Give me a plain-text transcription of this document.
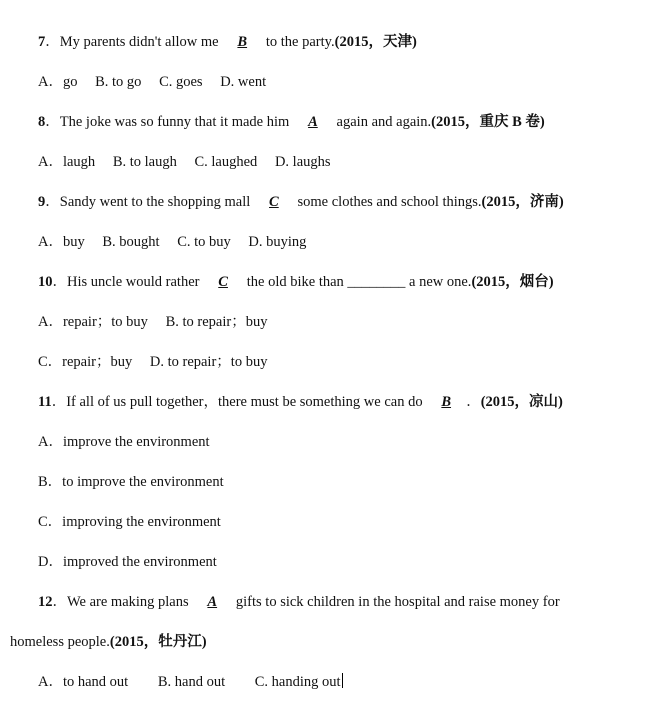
7．My parents didn't allow me B to the party.(2015，天津)
A．go B. to go C. goes D. went
8．The joke was so funny that it made him A again and again.(2015，重庆 B 卷)
A．laugh B. to laugh C. laughed D. laughs
9．Sandy went to the shopping mall C some clothes and school things.(2015，济南)
A．buy B. bought C. to buy D. buying
10．His uncle would rather C the old bike than ________ a new one.(2015，烟台)
A．repair；to buy B. to repair；buy
C．repair；buy D. to repair；to buy
11．If all of us pull together，there must be something we can do B ．(2015，凉山)
A．improve the environment
B．to improve the environment
C．improving the environment
D．improved the environment
12．We are making plans A gifts to sick children in the hospital and raise money for
homeless people.(2015，牡丹江)
A．to hand out B. hand out C. handing out
